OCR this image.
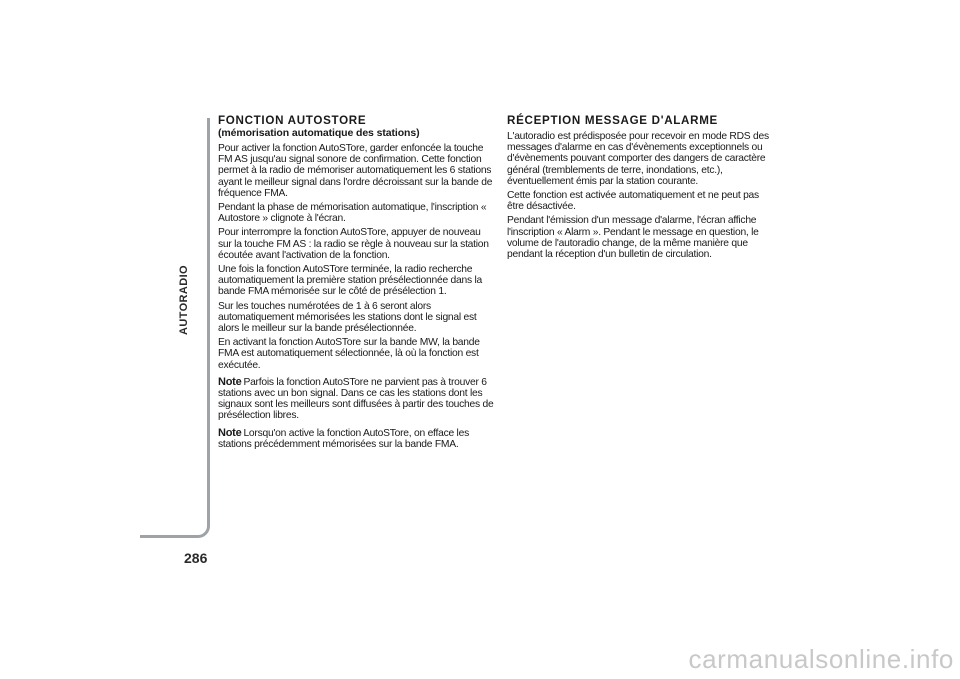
AUTORADIO
286
FONCTION AUTOSTORE
(mémorisation automatique des stations)

Pour activer la fonction AutoSTore, garder enfoncée la touche FM AS jusqu'au signal sonore de confirmation. Cette fonction permet à la radio de mémoriser automatiquement les 6 stations ayant le meilleur signal dans l'ordre décroissant sur la bande de fréquence FMA.

Pendant la phase de mémorisation automatique, l'inscription « Autostore » clignote à l'écran.

Pour interrompre la fonction AutoSTore, appuyer de nouveau sur la touche FM AS : la radio se règle à nouveau sur la station écoutée avant l'activation de la fonction.

Une fois la fonction AutoSTore terminée, la radio recherche automatiquement la première station présélectionnée dans la bande FMA mémorisée sur le côté de présélection 1.

Sur les touches numérotées de 1 à 6 seront alors automatiquement mémorisées les stations dont le signal est alors le meilleur sur la bande présélectionnée.

En activant la fonction AutoSTore sur la bande MW, la bande FMA est automatiquement sélectionnée, là où la fonction est exécutée.

Note Parfois la fonction AutoSTore ne parvient pas à trouver 6 stations avec un bon signal. Dans ce cas les stations dont les signaux sont les meilleurs sont diffusées à partir des touches de présélection libres.

Note Lorsqu'on active la fonction AutoSTore, on efface les stations précédemment mémorisées sur la bande FMA.

RÉCEPTION MESSAGE D'ALARME

L'autoradio est prédisposée pour recevoir en mode RDS des messages d'alarme en cas d'évènements exceptionnels ou d'évènements pouvant comporter des dangers de caractère général (tremblements de terre, inondations, etc.), éventuellement émis par la station courante.

Cette fonction est activée automatiquement et ne peut pas être désactivée.

Pendant l'émission d'un message d'alarme, l'écran affiche l'inscription « Alarm ». Pendant le message en question, le volume de l'autoradio change, de la même manière que pendant la réception d'un bulletin de circulation.

carmanualsonline.info
